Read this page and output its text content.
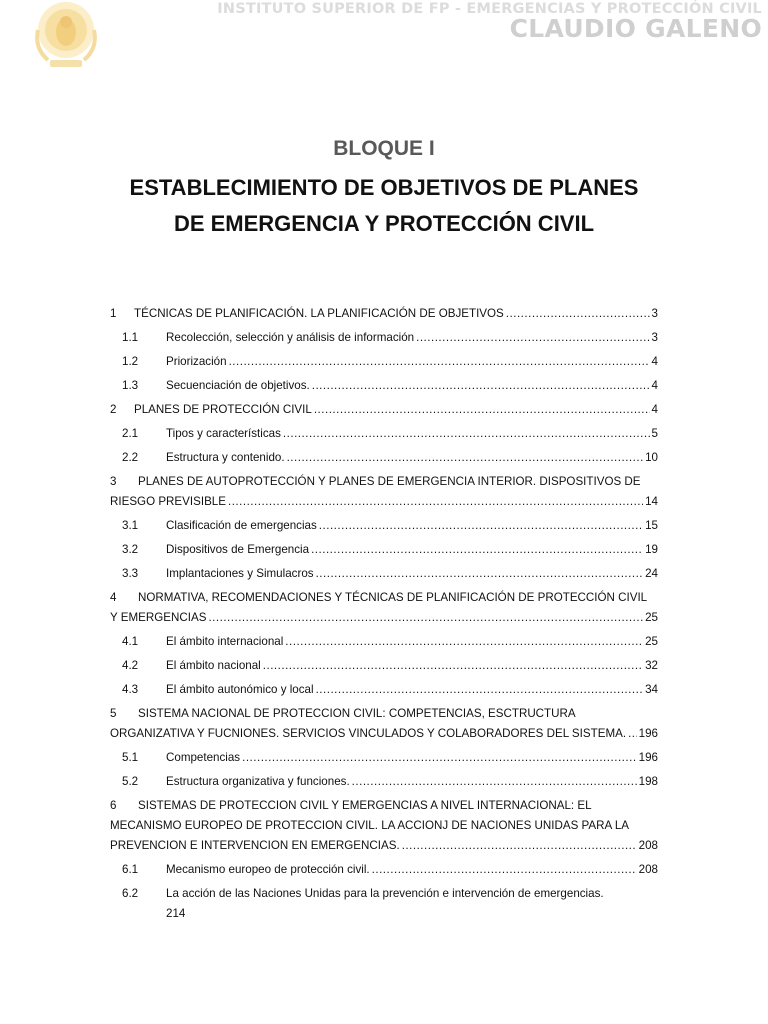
INSTITUTO SUPERIOR DE FP - EMERGENCIAS Y PROTECCIÓN CIVIL
CLAUDIO GALENO
BLOQUE I
ESTABLECIMIENTO DE OBJETIVOS DE PLANES
DE EMERGENCIA Y PROTECCIÓN CIVIL
1	TÉCNICAS DE PLANIFICACIÓN. LA PLANIFICACIÓN DE OBJETIVOS .....	3
1.1	Recolección, selección y análisis de información .....	3
1.2	Priorización .....	4
1.3	Secuenciación de objetivos. .....	4
2	PLANES DE PROTECCIÓN CIVIL .....	4
2.1	Tipos y características .....	5
2.2	Estructura y contenido. .....	10
3 PLANES DE AUTOPROTECCIÓN Y PLANES DE EMERGENCIA INTERIOR. DISPOSITIVOS DE
RIESGO PREVISIBLE .....	14
3.1	Clasificación de emergencias .....	15
3.2	Dispositivos de Emergencia .....	19
3.3	Implantaciones y Simulacros .....	24
4 NORMATIVA, RECOMENDACIONES Y TÉCNICAS DE PLANIFICACIÓN DE PROTECCIÓN CIVIL
Y EMERGENCIAS .....	25
4.1	El ámbito internacional .....	25
4.2	El ámbito nacional .....	32
4.3	El ámbito autonómico y local .....	34
5 SISTEMA NACIONAL DE PROTECCION CIVIL: COMPETENCIAS, ESCTRUCTURA
ORGANIZATIVA Y FUCNIONES. SERVICIOS VINCULADOS Y COLABORADORES DEL SISTEMA. ..... 196
5.1	Competencias .....	196
5.2	Estructura organizativa y funciones. .....	198
6 SISTEMAS DE PROTECCION CIVIL Y EMERGENCIAS A NIVEL INTERNACIONAL: EL
MECANISMO EUROPEO DE PROTECCION CIVIL. LA ACCIONJ DE NACIONES UNIDAS PARA LA
PREVENCION E INTERVENCION EN EMERGENCIAS. .....	208
6.1	Mecanismo europeo de protección civil. .....	208
6.2 La acción de las Naciones Unidas para la prevención e intervención de emergencias.
214
